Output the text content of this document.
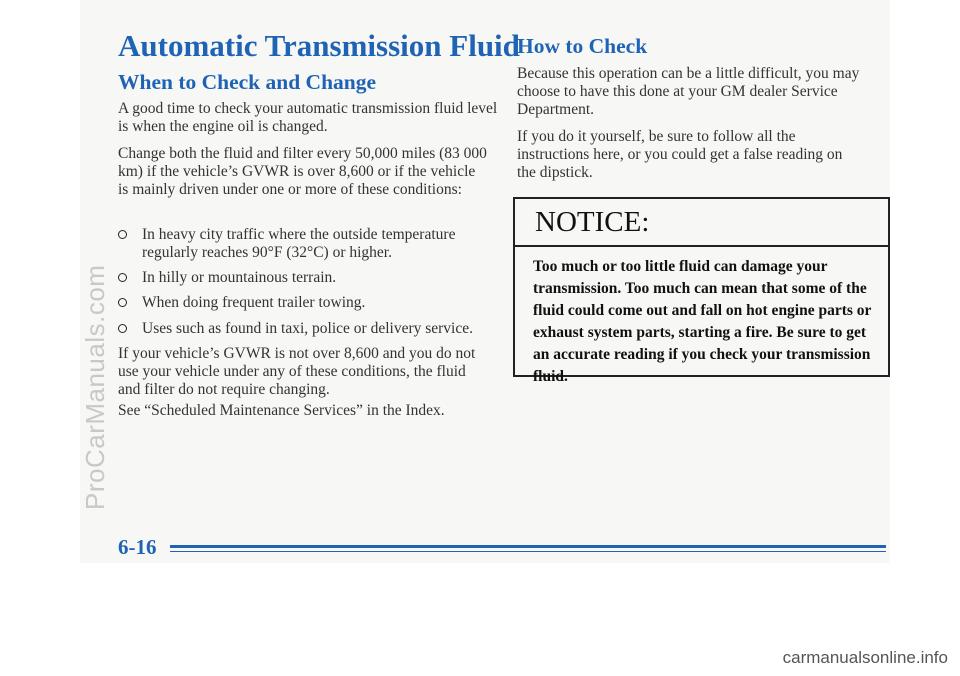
ProCarManuals.com
Automatic Transmission Fluid
When to Check and Change

A good time to check your automatic transmission fluid level is when the engine oil is changed.

Change both the fluid and filter every 50,000 miles (83 000 km) if the vehicle’s GVWR is over 8,600 or if the vehicle is mainly driven under one or more of these conditions:

In heavy city traffic where the outside temperature regularly reaches 90°F (32°C) or higher.
In hilly or mountainous terrain.
When doing frequent trailer towing.
Uses such as found in taxi, police or delivery service.

If your vehicle’s GVWR is not over 8,600 and you do not use your vehicle under any of these conditions, the fluid and filter do not require changing.

See “Scheduled Maintenance Services” in the Index.

How to Check

Because this operation can be a little difficult, you may choose to have this done at your GM dealer Service Department.

If you do it yourself, be sure to follow all the instructions here, or you could get a false reading on the dipstick.

NOTICE:
Too much or too little fluid can damage your transmission. Too much can mean that some of the fluid could come out and fall on hot engine parts or exhaust system parts, starting a fire. Be sure to get an accurate reading if you check your transmission fluid.
6-16
carmanualsonline.info
